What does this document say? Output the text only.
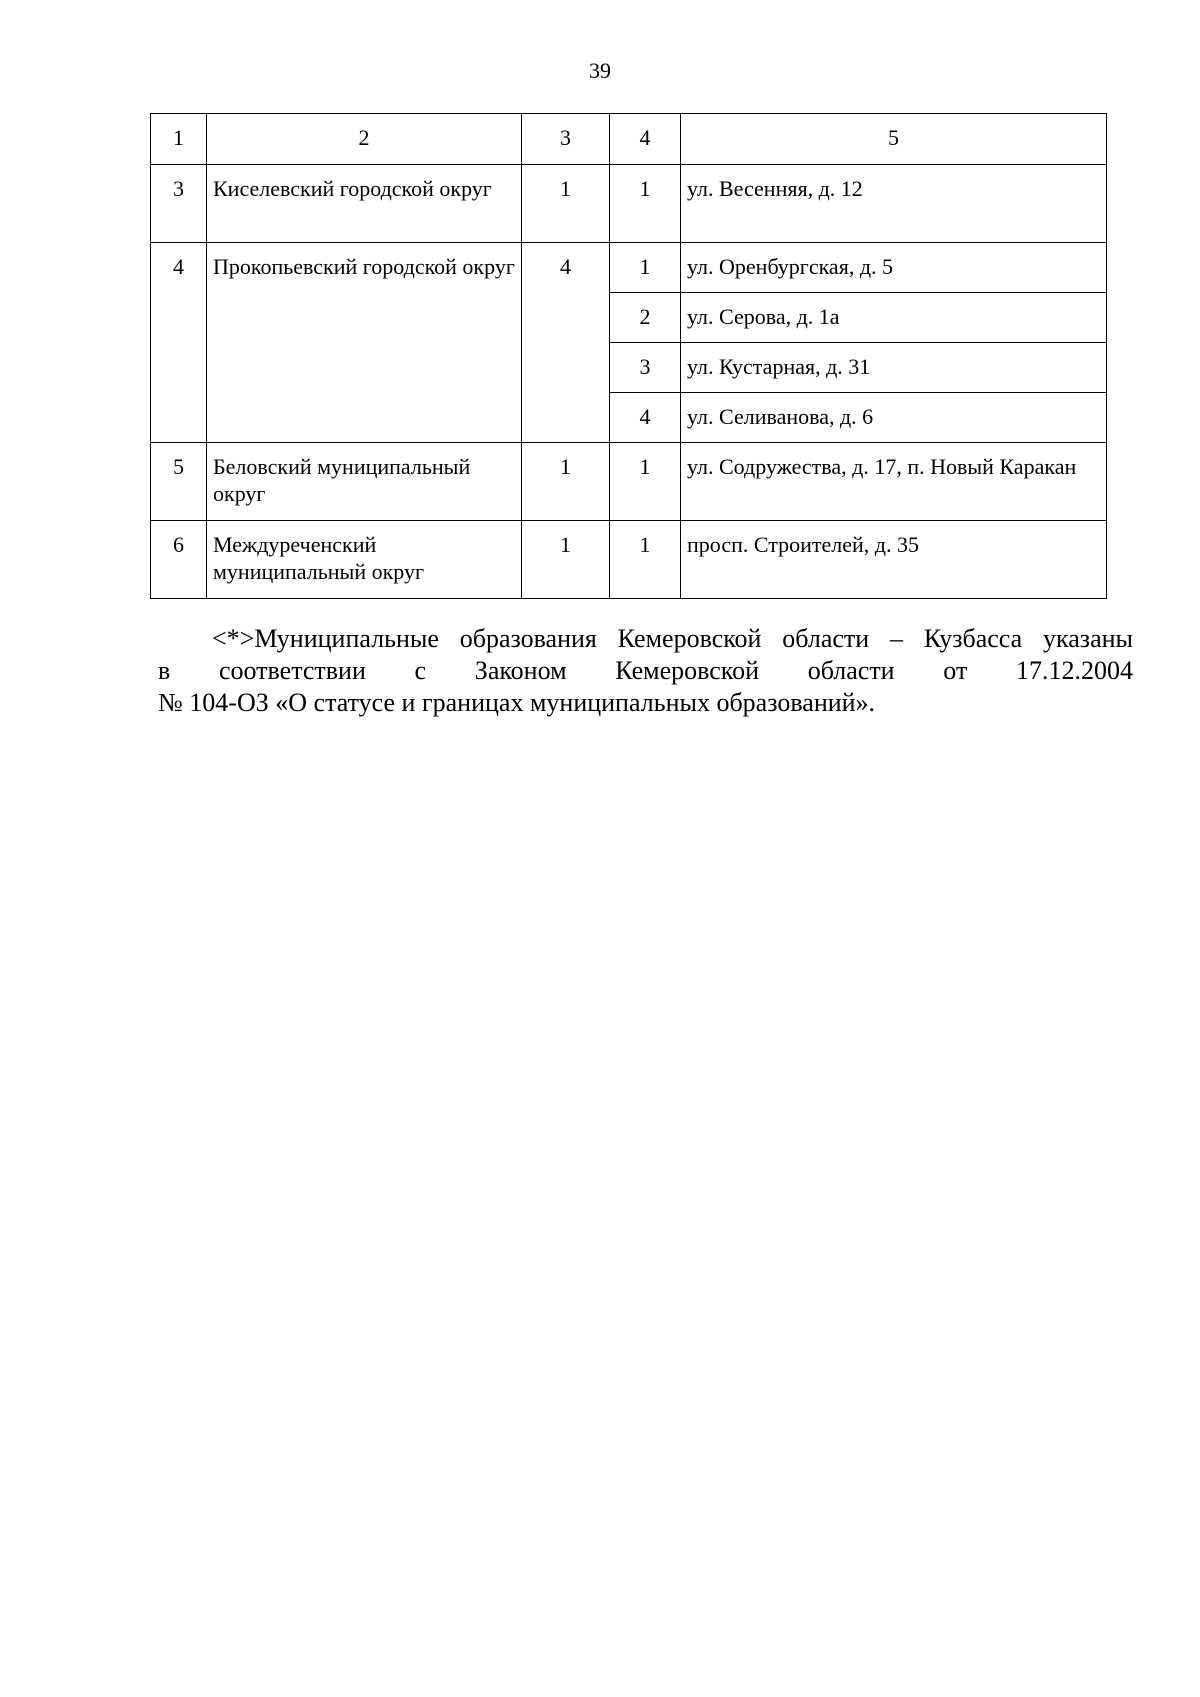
39
1	2	3	4	5
3	Киселевский городской округ	1	1	ул. Весенняя, д. 12
4	Прокопьевский городской округ	4	1	ул. Оренбургская, д. 5
			2	ул. Серова, д. 1а
			3	ул. Кустарная, д. 31
			4	ул. Селиванова, д. 6
5	Беловский муниципальный округ	1	1	ул. Содружества, д. 17, п. Новый Каракан
6	Междуреченский муниципальный округ	1	1	просп. Строителей, д. 35
<*>Муниципальные образования Кемеровской области – Кузбасса указаны
в соответствии с Законом Кемеровской области от 17.12.2004
№ 104-ОЗ «О статусе и границах муниципальных образований».
